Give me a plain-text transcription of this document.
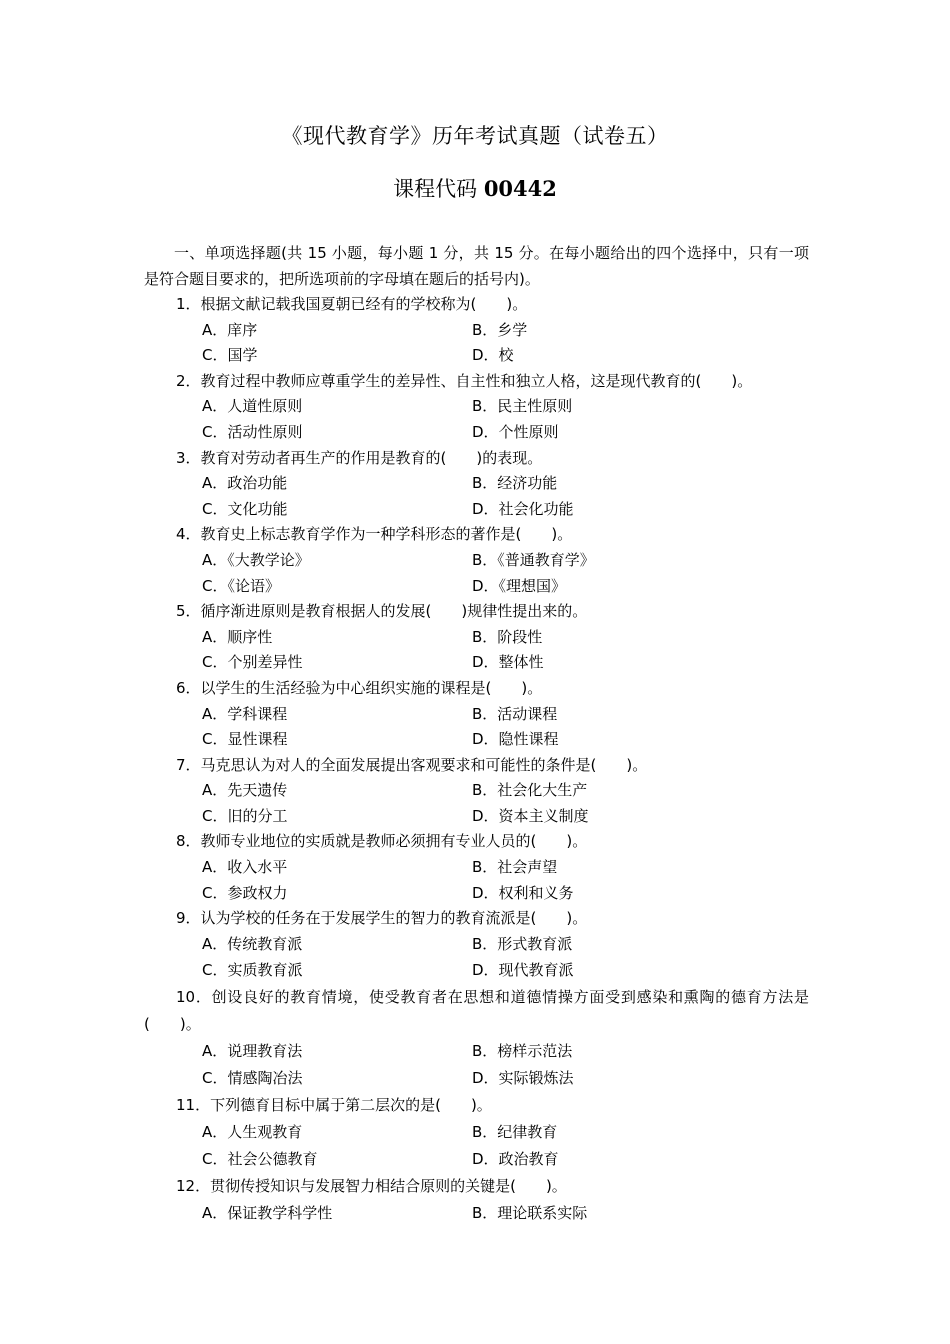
《现代教育学》历年考试真题（试卷五）
课程代码 00442
一、单项选择题(共 15 小题，每小题 1 分，共 15 分。在每小题给出的四个选择中，只有一项是符合题目要求的，把所选项前的字母填在题后的括号内)。
1．根据文献记载我国夏朝已经有的学校称为(　　)。
A．庠序	B．乡学
C．国学	D．校
2．教育过程中教师应尊重学生的差异性、自主性和独立人格，这是现代教育的(　　)。
A．人道性原则	B．民主性原则
C．活动性原则	D．个性原则
3．教育对劳动者再生产的作用是教育的(　　)的表现。
A．政治功能	B．经济功能
C．文化功能	D．社会化功能
4．教育史上标志教育学作为一种学科形态的著作是(　　)。
A．《大教学论》	B．《普通教育学》
C．《论语》	D．《理想国》
5．循序渐进原则是教育根据人的发展(　　)规律性提出来的。
A．顺序性	B．阶段性
C．个别差异性	D．整体性
6．以学生的生活经验为中心组织实施的课程是(　　)。
A．学科课程	B．活动课程
C．显性课程	D．隐性课程
7．马克思认为对人的全面发展提出客观要求和可能性的条件是(　　)。
A．先天遗传	B．社会化大生产
C．旧的分工	D．资本主义制度
8．教师专业地位的实质就是教师必须拥有专业人员的(　　)。
A．收入水平	B．社会声望
C．参政权力	D．权利和义务
9．认为学校的任务在于发展学生的智力的教育流派是(　　)。
A．传统教育派	B．形式教育派
C．实质教育派	D．现代教育派
10．创设良好的教育情境，使受教育者在思想和道德情操方面受到感染和熏陶的德育方法是(　　)。
A．说理教育法	B．榜样示范法
C．情感陶冶法	D．实际锻炼法
11．下列德育目标中属于第二层次的是(　　)。
A．人生观教育	B．纪律教育
C．社会公德教育	D．政治教育
12．贯彻传授知识与发展智力相结合原则的关键是(　　)。
A．保证教学科学性	B．理论联系实际
